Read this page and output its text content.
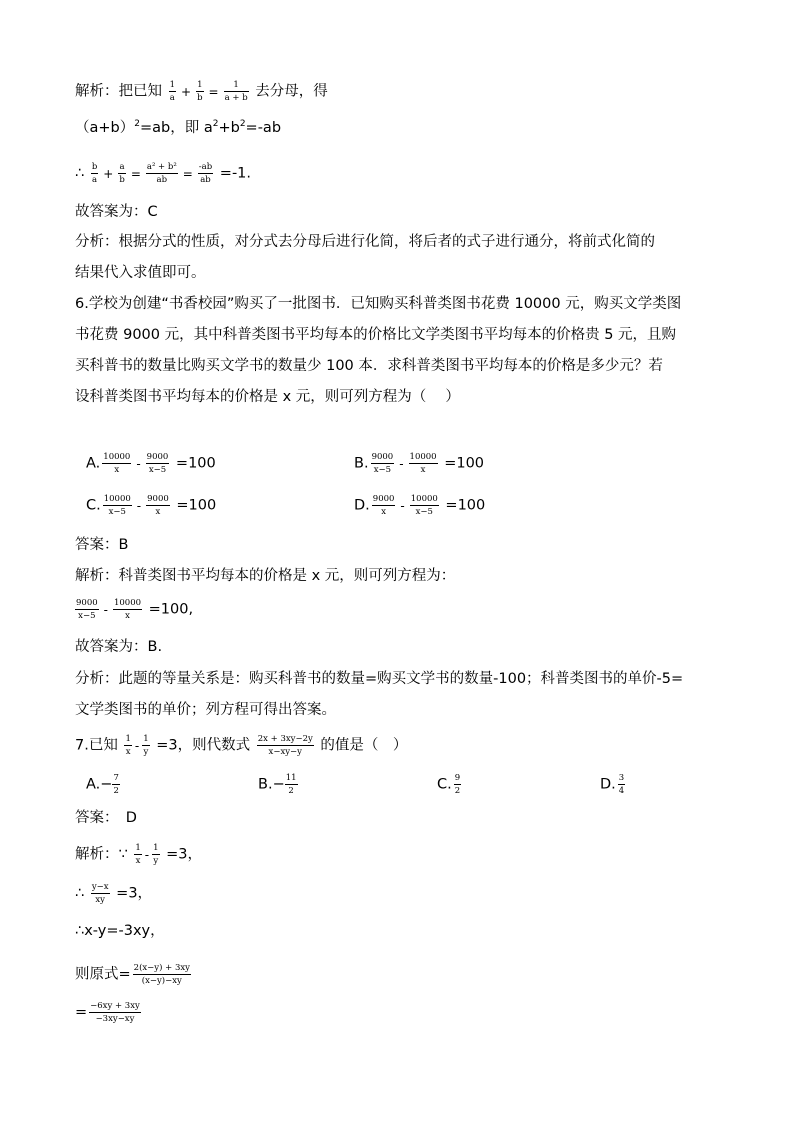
解析：把已知 $\frac{1}{a} + \frac{1}{b} = \frac{1}{a + b}$ 去分母，得
$(a+b)^2=ab$，即 $a^2+b^2=-ab$
∴ $\frac{b}{a} + \frac{a}{b} = \frac{\text{a² + b²}}{ab} = \frac{-ab}{ab} =-1$.
故答案为：C
分析：根据分式的性质，对分式去分母后进行化简，将后者的式子进行通分，将前式化简的
结果代入求值即可。
6.学校为创建“书香校园”购买了一批图书．已知购买科普类图书花费 10000 元，购买文学类图
书花费 9000 元，其中科普类图书平均每本的价格比文学类图书平均每本的价格贵 5 元，且购
买科普书的数量比购买文学书的数量少 100 本．求科普类图书平均每本的价格是多少元？若
设科普类图书平均每本的价格是 x 元，则可列方程为（　 ）
A. $\frac{10000}{x} - \frac{9000}{x-5} =100$	B. $\frac{9000}{x-5} - \frac{10000}{x} =100$
C. $\frac{10000}{x-5} - \frac{9000}{x} =100$	D. $\frac{9000}{x} - \frac{10000}{x-5} =100$
答案：B
解析：科普类图书平均每本的价格是 x 元，则可列方程为：
$\frac{9000}{x-5} - \frac{10000}{x} =100$,
故答案为：B.
分析：此题的等量关系是：购买科普书的数量=购买文学书的数量-100；科普类图书的单价-5=
文学类图书的单价；列方程可得出答案。
7.已知 $\frac{1}{x} - \frac{1}{y} =3$，则代数式 $\frac{2x + 3xy-2y}{x-xy-y}$ 的值是（　）
$A.- \frac{7}{2}$	$B.- \frac{11}{2}$	C. $\frac{9}{2}$	D. $\frac{3}{4}$
答案：　D
解析：∵ $\frac{1}{x} - \frac{1}{y} =3$，
∴ $\frac{y-x}{xy} =3$，
∴x-y=-3xy，
则原式= $\frac{2(x-y) + 3xy}{(x-y)-xy}$
= $\frac{-6xy + 3xy}{-3xy-xy}$
